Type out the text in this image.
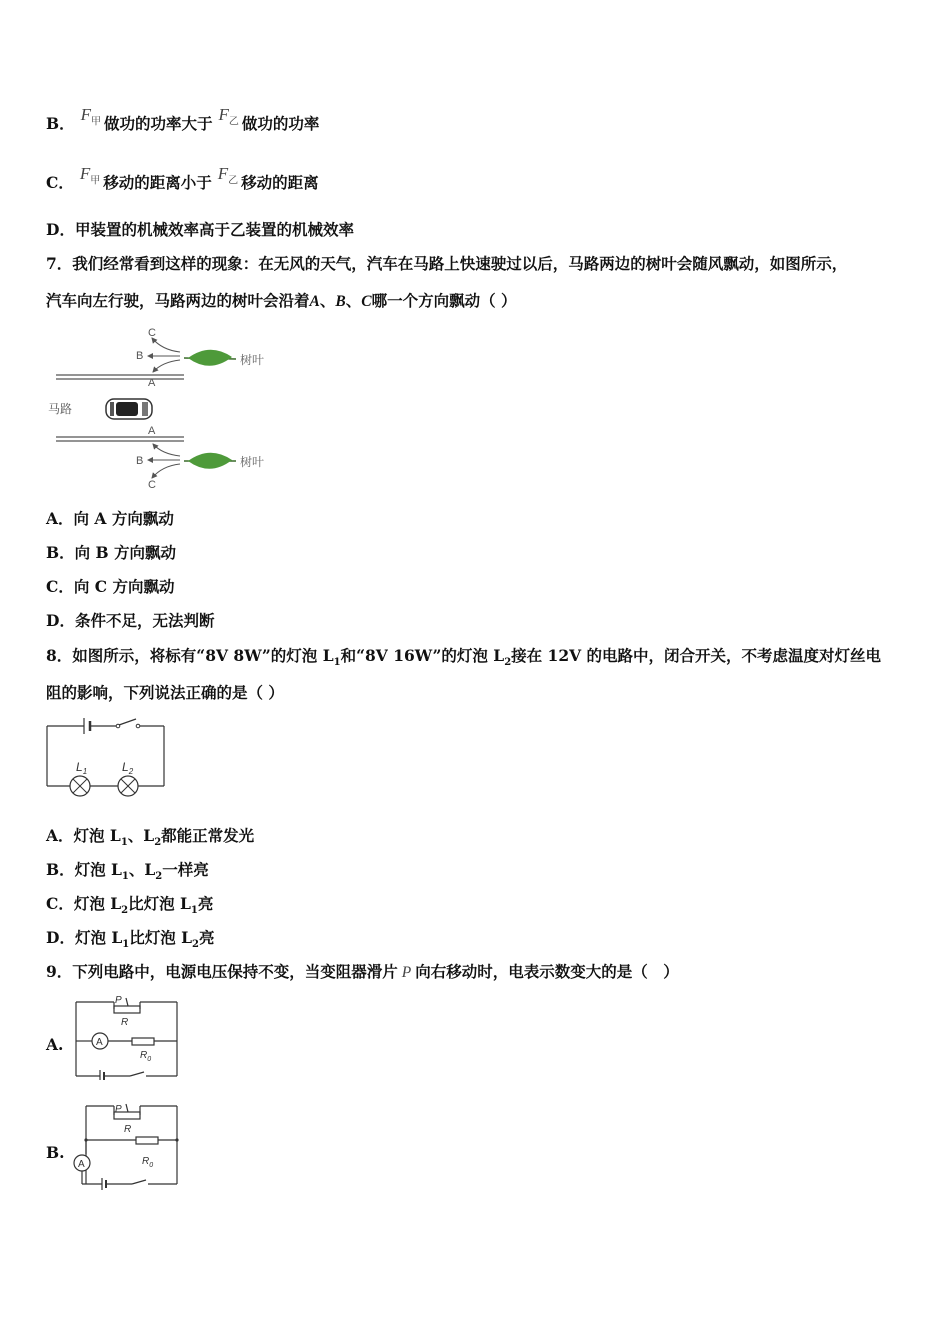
B． $F_甲$ 做功的功率大于 $F_乙$ 做功的功率
C． $F_甲$ 移动的距离小于 $F_乙$ 移动的距离
D．甲装置的机械效率高于乙装置的机械效率
7．我们经常看到这样的现象：在无风的天气，汽车在马路上快速驶过以后，马路两边的树叶会随风飘动，如图所示，
汽车向左行驶，马路两边的树叶会沿着A、B、C哪一个方向飘动（ ）
C
B
A
树叶
马路
A
B
C
树叶
A．向 A 方向飘动
B．向 B 方向飘动
C．向 C 方向飘动
D．条件不足，无法判断
8．如图所示，将标有“8V 8W”的灯泡 $L_1$和“8V 16W”的灯泡 $L_2$接在 12V 的电路中，闭合开关，不考虑温度对灯丝电
阻的影响，下列说法正确的是（ ）
$L_1$	$L_2$
A．灯泡 $L_1$、$L_2$都能正常发光
B．灯泡 $L_1$、$L_2$一样亮
C．灯泡 $L_2$比灯泡 $L_1$亮
D．灯泡 $L_1$比灯泡 $L_2$亮
9．下列电路中，电源电压保持不变，当变阻器滑片 P 向右移动时，电表示数变大的是（　）
A.
P
R
A
$R_0$
B.
P
R
$R_0$
A
